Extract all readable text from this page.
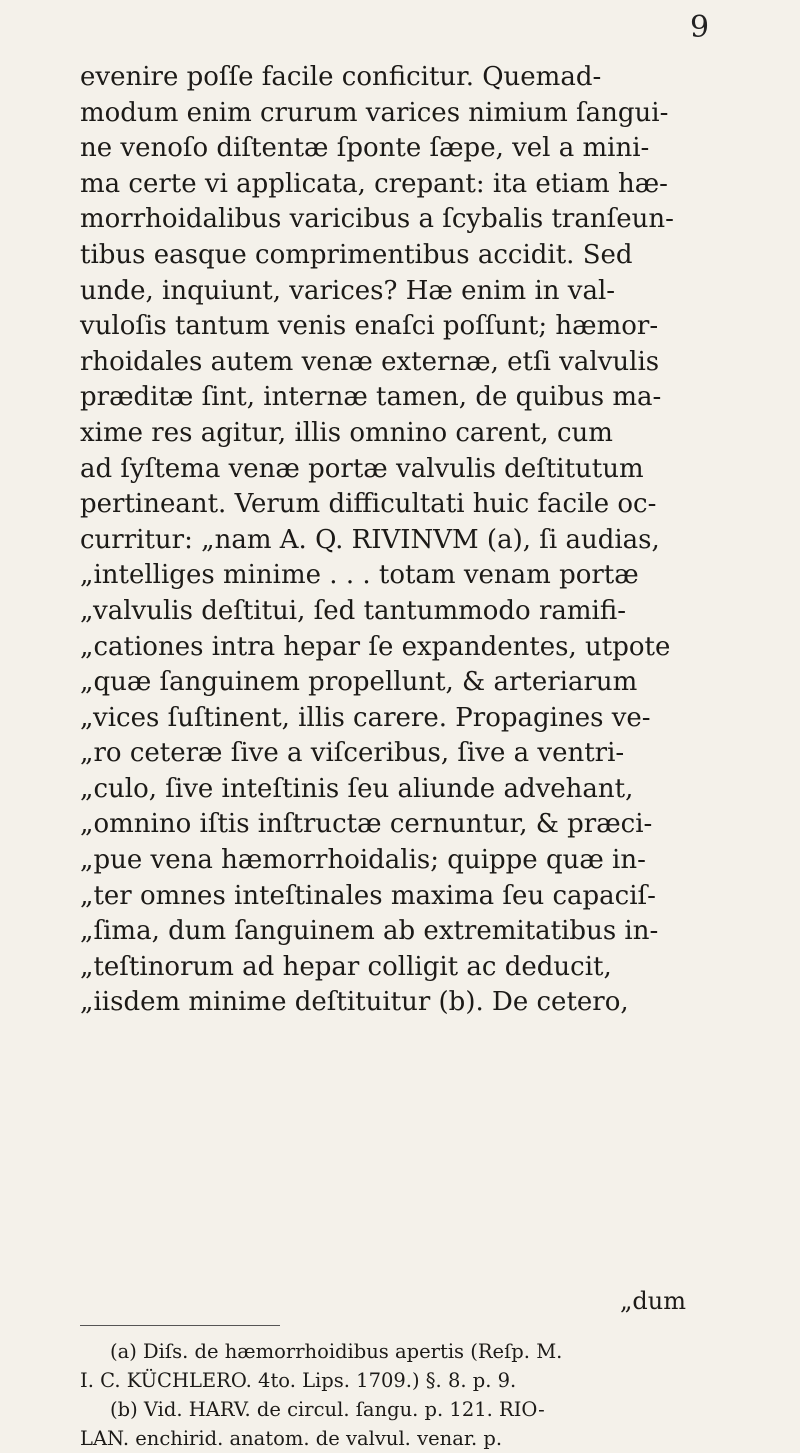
9
evenire poſſe facile conficitur. Quemad-
modum enim crurum varices nimium ſangui-
ne venoſo diſtentæ ſponte ſæpe, vel a mini-
ma certe vi applicata, crepant: ita etiam hæ-
morrhoidalibus varicibus a ſcybalis tranſeun-
tibus easque comprimentibus accidit. Sed
unde, inquiunt, varices? Hæ enim in val-
vuloſis tantum venis enaſci poſſunt; hæmor-
rhoidales autem venæ externæ, etſi valvulis
præditæ ſint, internæ tamen, de quibus ma-
xime res agitur, illis omnino carent, cum
ad ſyſtema venæ portæ valvulis deſtitutum
pertineant. Verum difficultati huic facile oc-
curritur: „nam A. Q. RIVINVM (a), ſi audias,
„intelliges minime . . . totam venam portæ
„valvulis deſtitui, ſed tantummodo ramifi-
„cationes intra hepar ſe expandentes, utpote
„quæ ſanguinem propellunt, & arteriarum
„vices ſuſtinent, illis carere. Propagines ve-
„ro ceteræ ſive a viſceribus, ſive a ventri-
„culo, ſive inteſtinis ſeu aliunde advehant,
„omnino iſtis inſtructæ cernuntur, & præci-
„pue vena hæmorrhoidalis; quippe quæ in-
„ter omnes inteſtinales maxima ſeu capaciſ-
„ſima, dum ſanguinem ab extremitatibus in-
„teſtinorum ad hepar colligit ac deducit,
„iisdem minime deſtituitur (b). De cetero,
„dum
(a) Diſs. de hæmorrhoidibus apertis (Reſp. M.
I. C. KÜCHLERO. 4to. Lips. 1709.) §. 8. p. 9.
(b) Vid. HARV. de circul. ſangu. p. 121. RIO-
LAN. enchirid. anatom. de valvul. venar. p.
